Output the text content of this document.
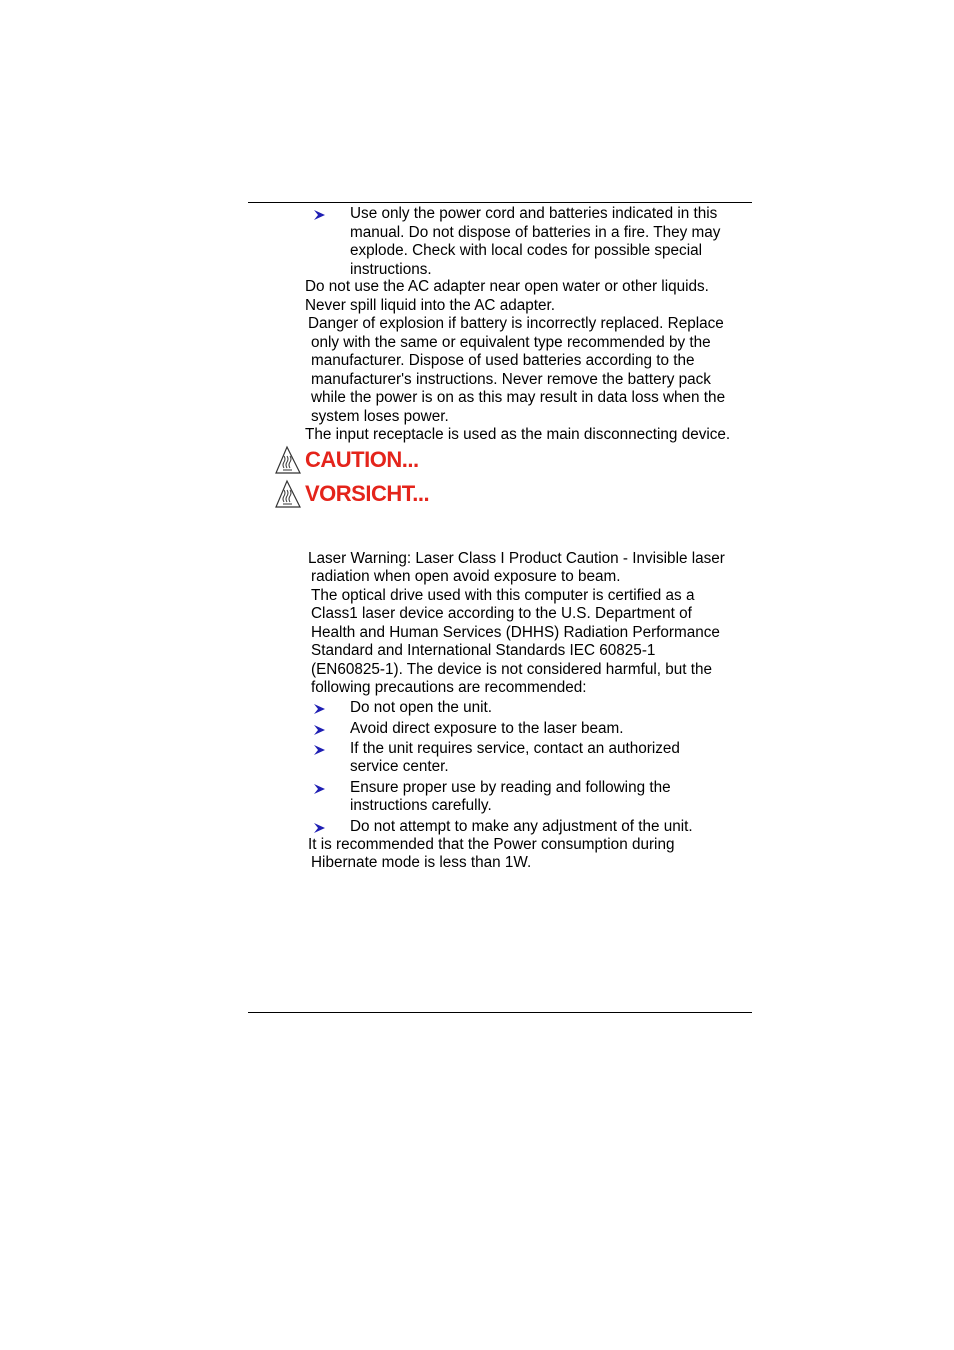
Use only the power cord and batteries indicated in this

manual. Do not dispose of batteries in a fire. They may

explode. Check with local codes for possible special

instructions.

Do not use the AC adapter near open water or other liquids.

Never spill liquid into the AC adapter.

Danger of explosion if battery is incorrectly replaced. Replace

only with the same or equivalent type recommended by the

manufacturer. Dispose of used batteries according to the

manufacturer's instructions. Never remove the battery pack

while the power is on as this may result in data loss when the

system loses power.

The input receptacle is used as the main disconnecting device.

CAUTION...
VORSICHT...

Laser Warning: Laser Class I Product Caution - Invisible laser

radiation when open avoid exposure to beam.

The optical drive used with this computer is certified as a

Class1 laser device according to the U.S. Department of

Health and Human Services (DHHS) Radiation Performance

Standard and International Standards IEC 60825-1

(EN60825-1). The device is not considered harmful, but the

following precautions are recommended:

Do not open the unit.

Avoid direct exposure to the laser beam.

If the unit requires service, contact an authorized

service center.

Ensure proper use by reading and following the

instructions carefully.

Do not attempt to make any adjustment of the unit.

It is recommended that the Power consumption during

Hibernate mode is less than 1W.
